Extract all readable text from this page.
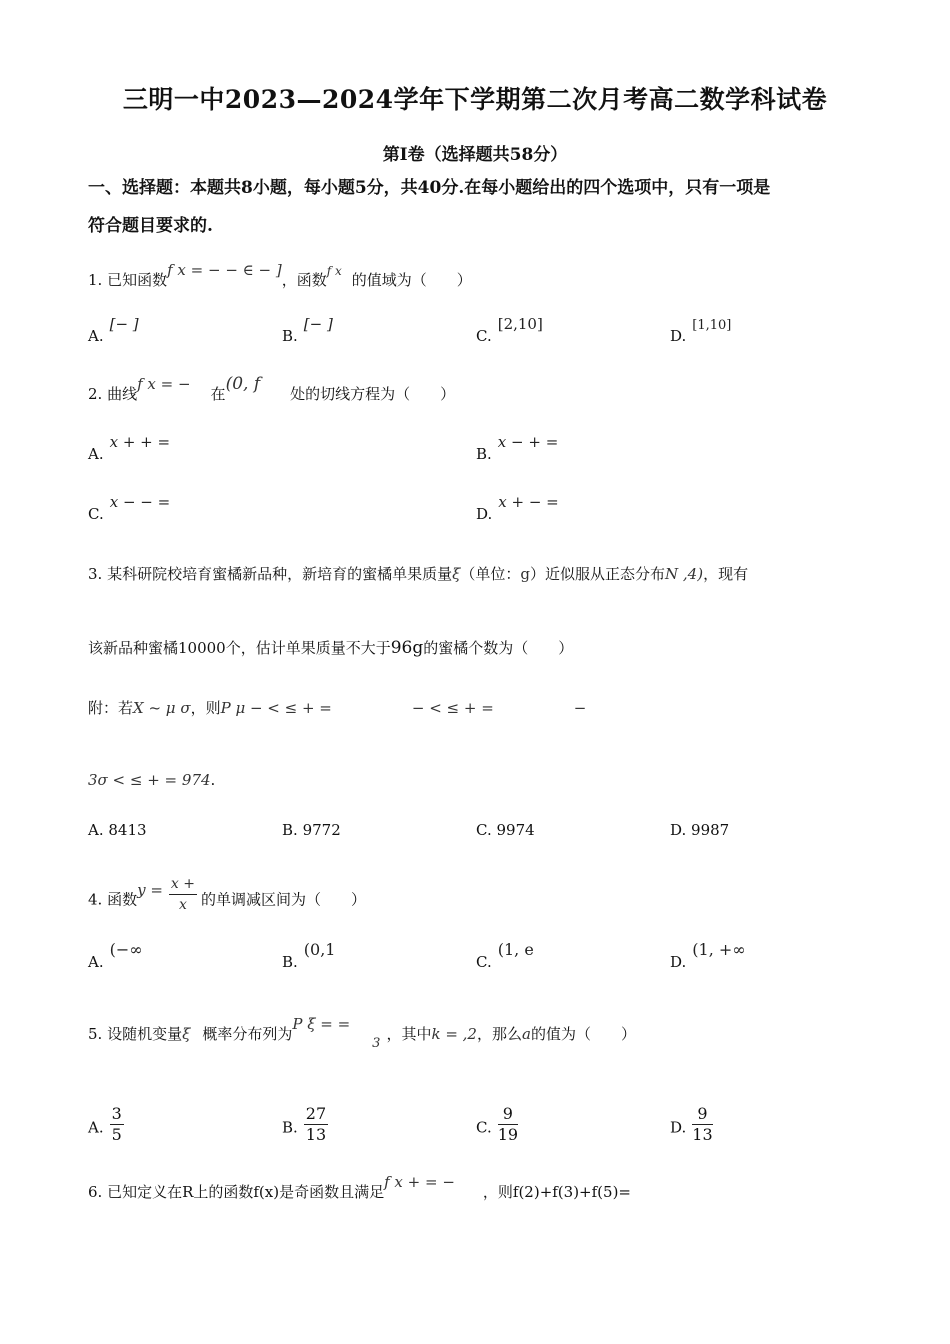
三明一中2023—2024学年下学期第二次月考高二数学科试卷
第Ⅰ卷（选择题共58分）
一、选择题：本题共8小题，每小题5分，共40分.在每小题给出的四个选项中，只有一项是
符合题目要求的.
1. 已知函数f x = − − ∈ − ]，函数$^{f x}$ 的值域为（　　）
A.[− ]
B.[− ]
C.[2,10]
D.[1,10]
2. 曲线f x = −在(0, f 处的切线方程为（　　）
A.x + + =
B.x − + =
C.x − − =
D.x + − =
3. 某科研院校培育蜜橘新品种，新培育的蜜橘单果质量ξ（单位：g）近似服从正态分布N ,4)，现有
该新品种蜜橘10000个，估计单果质量不大于96g的蜜橘个数为（　　）
附：若X ~ μ σ，则P μ − < ≤ + =	− < ≤ + =	−
3σ < ≤ + = 974.
A. 8413	B. 9772	C. 9974	D. 9987
4. 函数$y = \frac{x +}{x}$ 的单调减区间为（　　）
A.(−∞
B.(0,1
C.(1, e
D.(1, +∞
5. 设随机变量ξ 概率分布列为P ξ = =3，其中k = ,2，那么a的值为（　　）
A. $\frac{3}{5}$	B. $\frac{27}{13}$	C. $\frac{9}{19}$	D. $\frac{9}{13}$
6. 已知定义在R上的函数f(x)是奇函数且满足f x + = −，则f(2)+f(3)+f(5)=
